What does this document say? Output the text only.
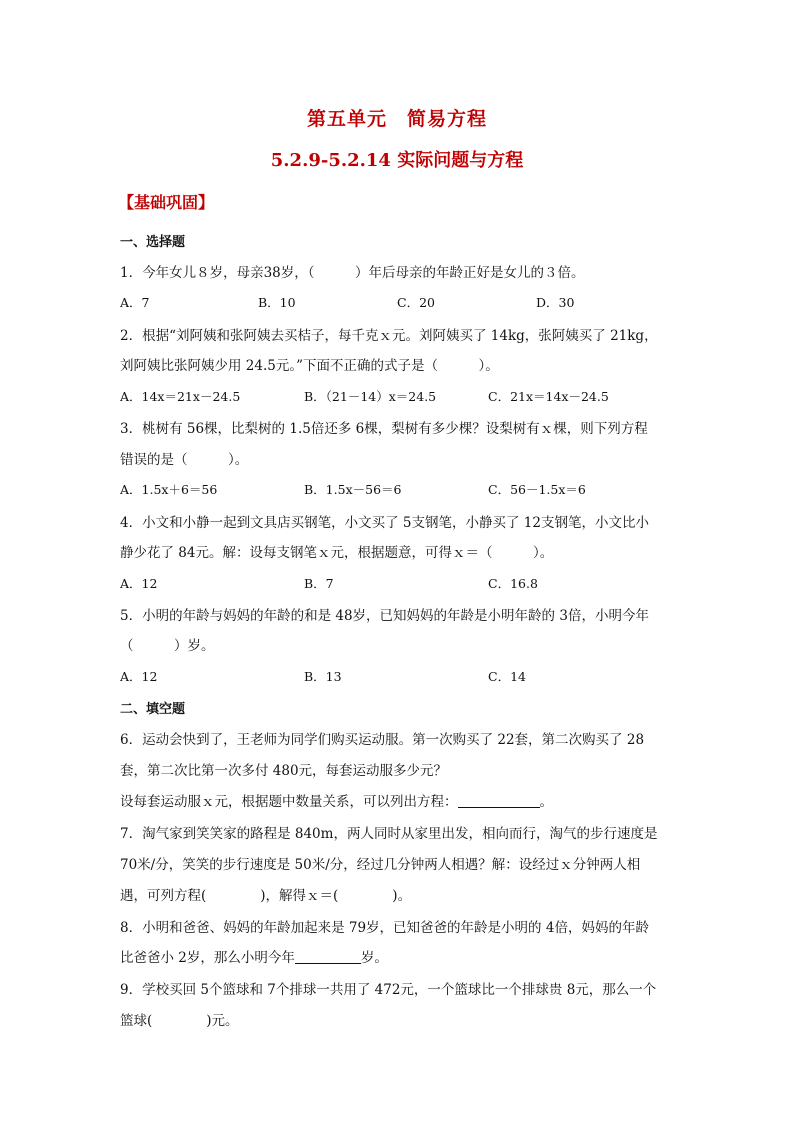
第五单元　简易方程
5.2.9-5.2.14 实际问题与方程
【基础巩固】
一、选择题
1．今年女儿８岁，母亲38岁，（　　　）年后母亲的年龄正好是女儿的３倍。
A．7	B．10	C．20	D．30
2．根据“刘阿姨和张阿姨去买桔子，每千克ｘ元。刘阿姨买了 14kg，张阿姨买了 21kg，
刘阿姨比张阿姨少用 24.5元。”下面不正确的式子是（　　　）。
A．14x＝21x－24.5	B．（21－14）x＝24.5	C．21x＝14x－24.5
3．桃树有 56棵，比梨树的 1.5倍还多 6棵，梨树有多少棵？设梨树有ｘ棵，则下列方程
错误的是（　　　）。
A．1.5x＋6＝56	B．1.5x－56＝6	C．56－1.5x＝6
4．小文和小静一起到文具店买钢笔，小文买了 5支钢笔，小静买了 12支钢笔，小文比小
静少花了 84元。解：设每支钢笔ｘ元，根据题意，可得ｘ＝（　　　）。
A．12	B．7	C．16.8
5．小明的年龄与妈妈的年龄的和是 48岁，已知妈妈的年龄是小明年龄的 3倍，小明今年
（　　　）岁。
A．12	B．13	C．14
二、填空题
6．运动会快到了，王老师为同学们购买运动服。第一次购买了 22套，第二次购买了 28
套，第二次比第一次多付 480元，每套运动服多少元？
设每套运动服ｘ元，根据题中数量关系，可以列出方程：	。
7．淘气家到笑笑家的路程是 840m，两人同时从家里出发，相向而行，淘气的步行速度是
70米/分，笑笑的步行速度是 50米/分，经过几分钟两人相遇？解：设经过ｘ分钟两人相
遇，可列方程(　　　　)，解得ｘ＝(　　　　)。
8．小明和爸爸、妈妈的年龄加起来是 79岁，已知爸爸的年龄是小明的 4倍，妈妈的年龄
比爸爸小 2岁，那么小明今年	岁。
9．学校买回 5个篮球和 7个排球一共用了 472元，一个篮球比一个排球贵 8元，那么一个
篮球(　　　　)元。
